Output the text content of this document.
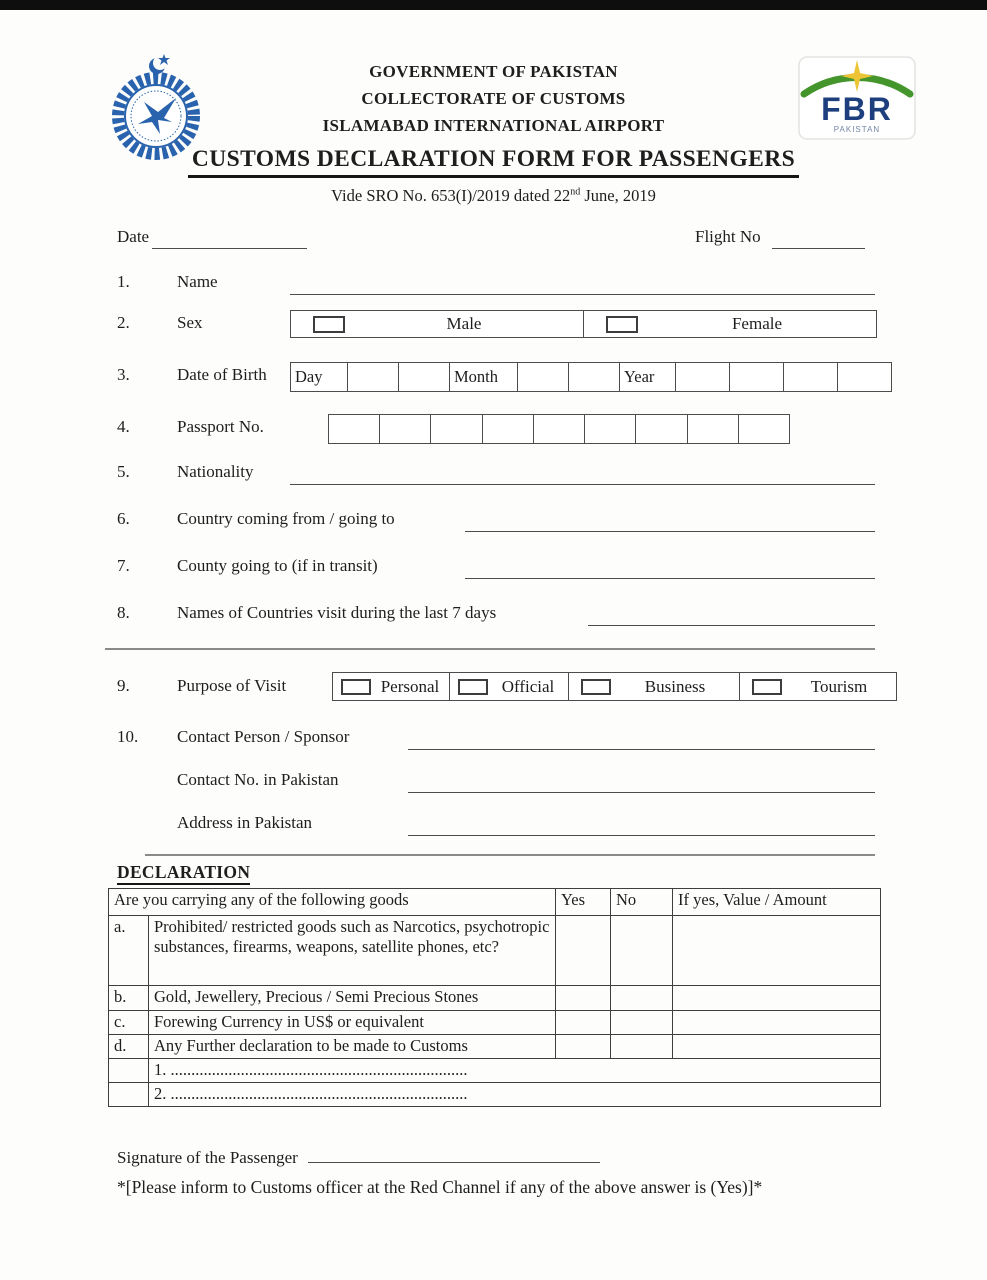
FBR
PAKISTAN
GOVERNMENT OF PAKISTAN
COLLECTORATE OF CUSTOMS
ISLAMABAD INTERNATIONAL AIRPORT
CUSTOMS DECLARATION FORM FOR PASSENGERS
Vide SRO No. 653(I)/2019 dated 22nd June, 2019
Date	Flight No
1.	Name
2.	Sex	Male	Female
3.	Date of Birth Day	Month	Year
4.	Passport No.
5.	Nationality
6.	Country coming from / going to
7.	County going to (if in transit)
8.	Names of Countries visit during the last 7 days
9.	Purpose of Visit	Personal	Official	Business	Tourism
10. Contact Person / Sponsor
Contact No. in Pakistan
Address in Pakistan
DECLARATION
Are you carrying any of the following goods		Yes	No	If yes, Value / Amount
a.	Prohibited/ restricted goods such as Narcotics, psychotropic substances, firearms, weapons, satellite phones, etc?			
b.	Gold, Jewellery, Precious / Semi Precious Stones			
c.	Forewing Currency in US$ or equivalent			
d.	Any Further declaration to be made to Customs			
	1. ........................................................................			
	2. ........................................................................			
Signature of the Passenger
*[Please inform to Customs officer at the Red Channel if any of the above answer is (Yes)]*
